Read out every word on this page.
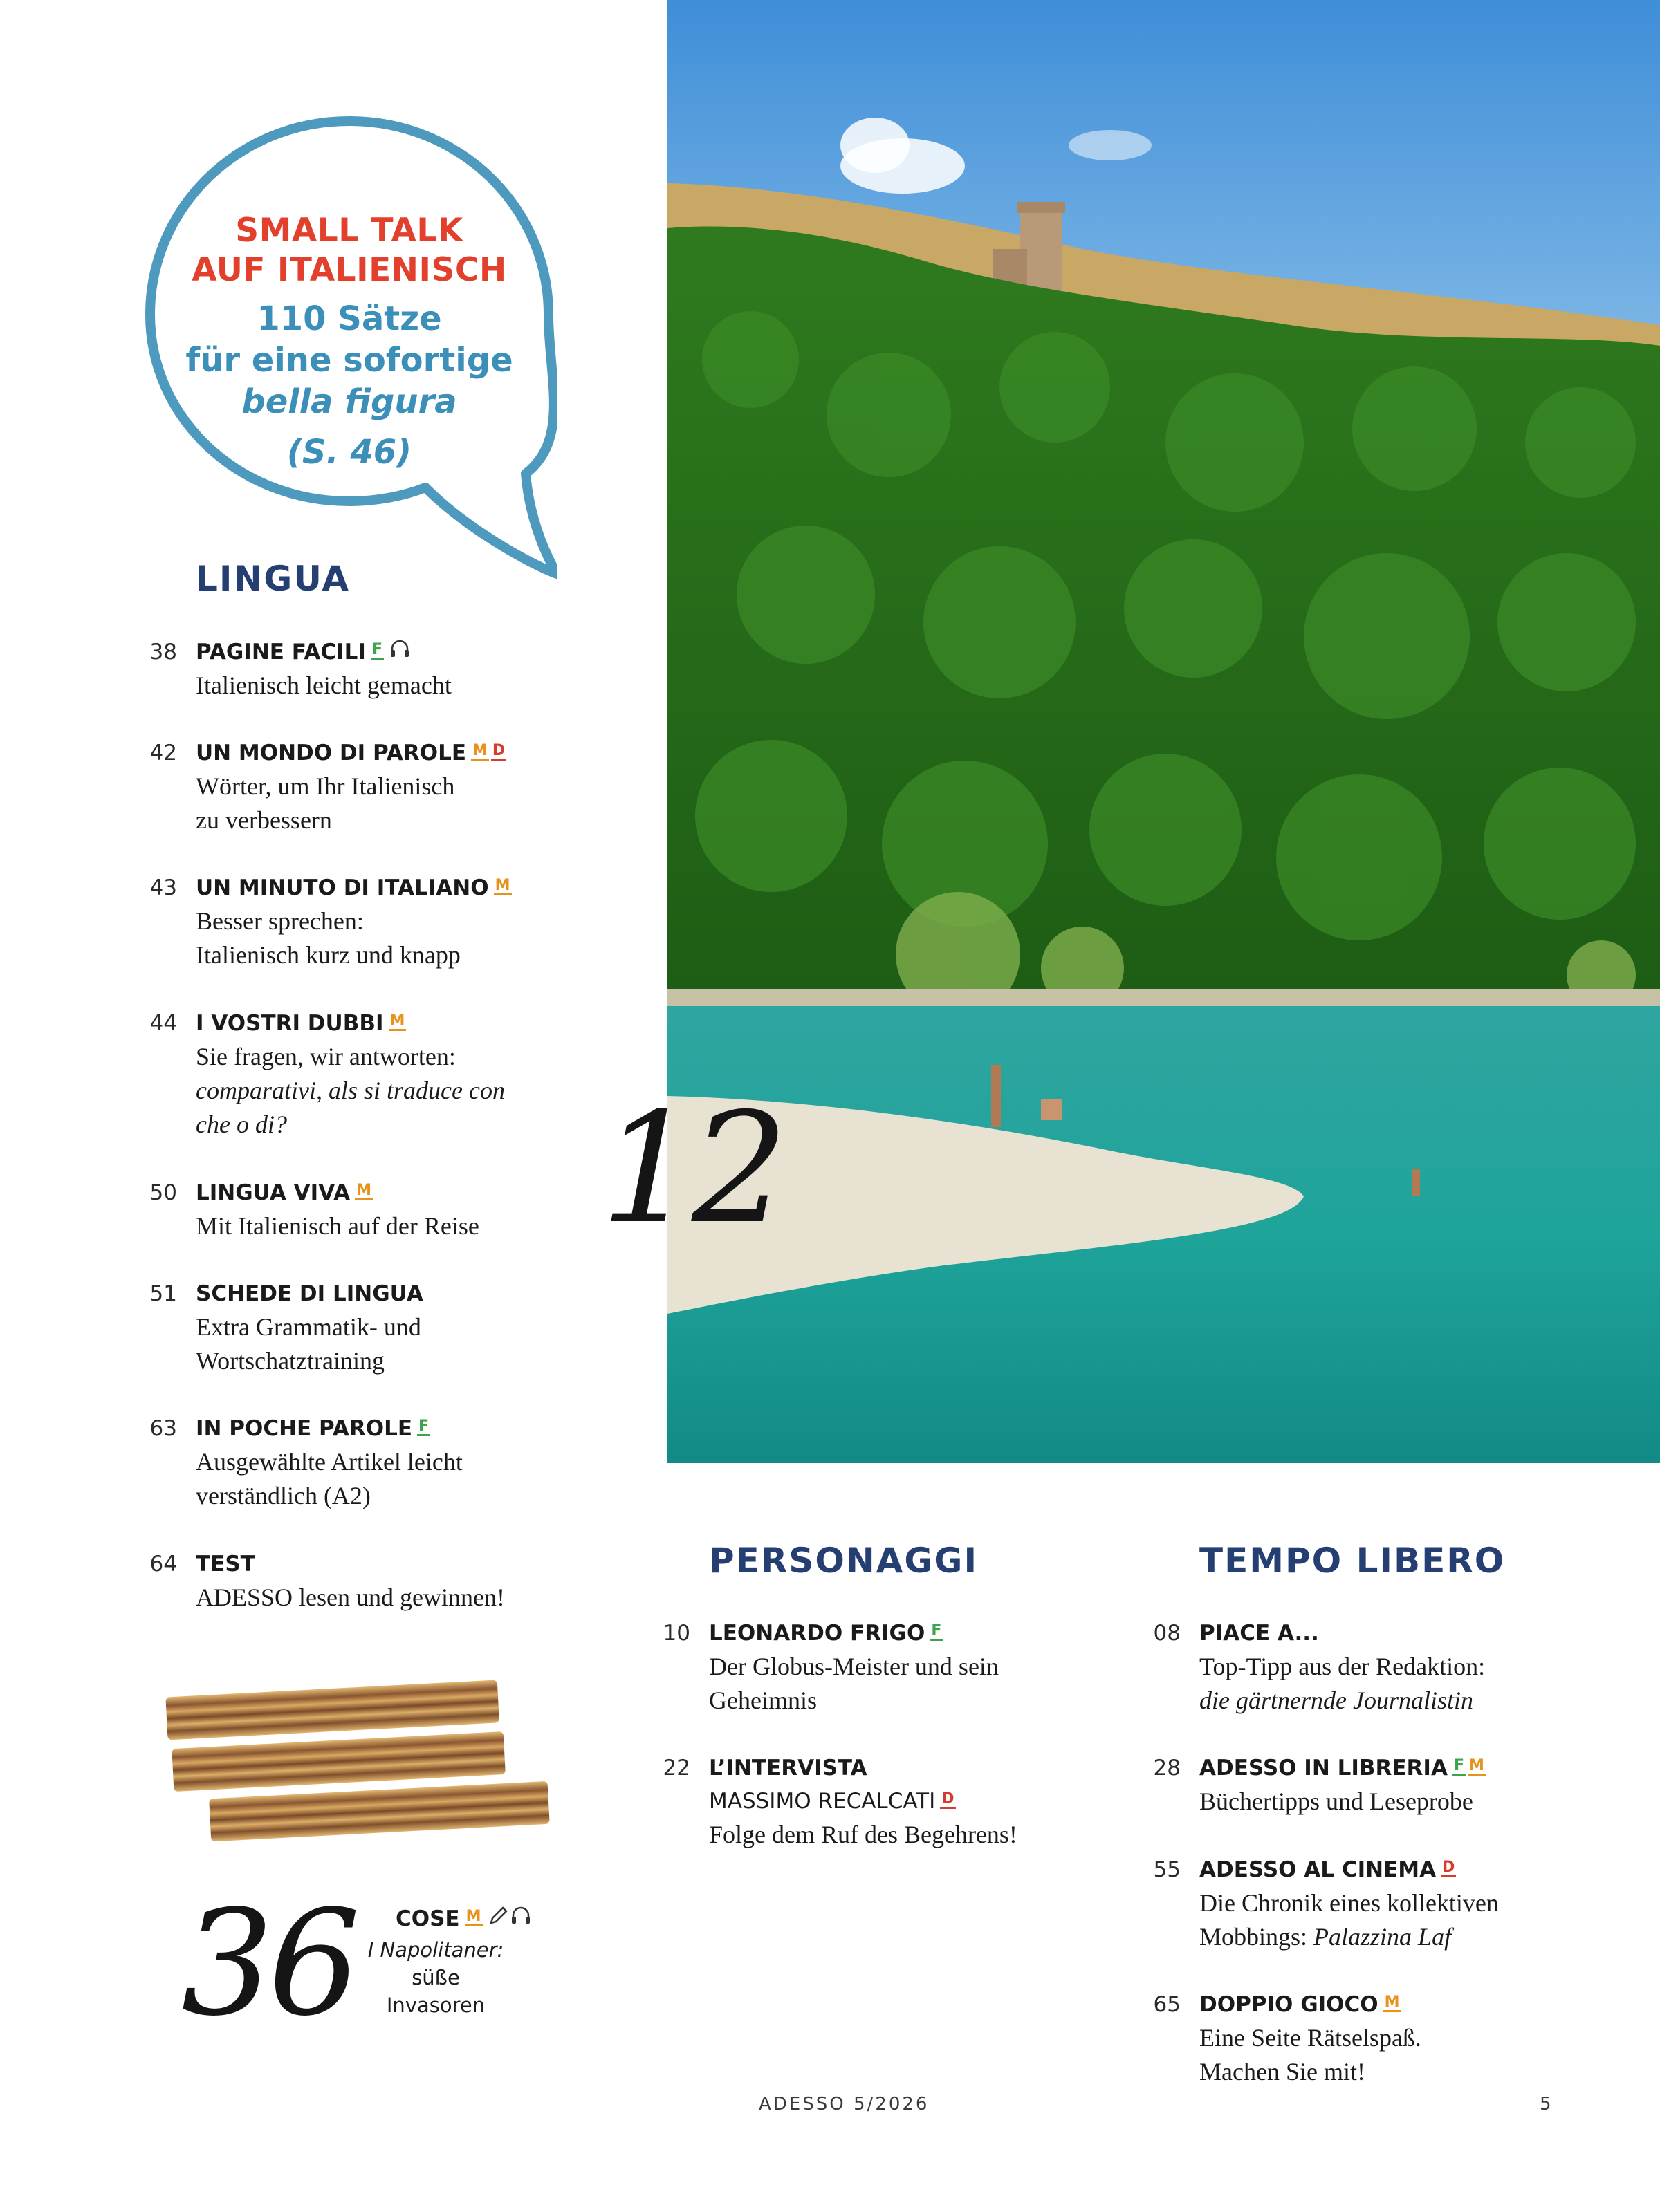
12
SMALL TALK
AUF ITALIENISCH
110 Sätze
für eine sofortige
bella figura
(S. 46)
LINGUA
38 PAGINE FACILI F
Italienisch leicht gemacht
42 UN MONDO DI PAROLE M D
Wörter, um Ihr Italienisch
zu verbessern
43 UN MINUTO DI ITALIANO M
Besser sprechen:
Italienisch kurz und knapp
44 I VOSTRI DUBBI M
Sie fragen, wir antworten:
comparativi, als si traduce con
che o di?
50 LINGUA VIVA M
Mit Italienisch auf der Reise
51 SCHEDE DI LINGUA
Extra Grammatik- und
Wortschatztraining
63 IN POCHE PAROLE F
Ausgewählte Artikel leicht
verständlich (A2)
64 TEST
ADESSO lesen und gewinnen!
36 COSE M
I Napolitaner:
süße
Invasoren
PERSONAGGI
10 LEONARDO FRIGO F
Der Globus-Meister und sein
Geheimnis
22 L’INTERVISTA
MASSIMO RECALCATI D
Folge dem Ruf des Begehrens!
TEMPO LIBERO
08 PIACE A...
Top-Tipp aus der Redaktion:
die gärtnernde Journalistin
28 ADESSO IN LIBRERIA F M
Büchertipps und Leseprobe
55 ADESSO AL CINEMA D
Die Chronik eines kollektiven
Mobbings: Palazzina Laf
65 DOPPIO GIOCO M
Eine Seite Rätselspaß.
Machen Sie mit!
ADESSO 5/2026	5
